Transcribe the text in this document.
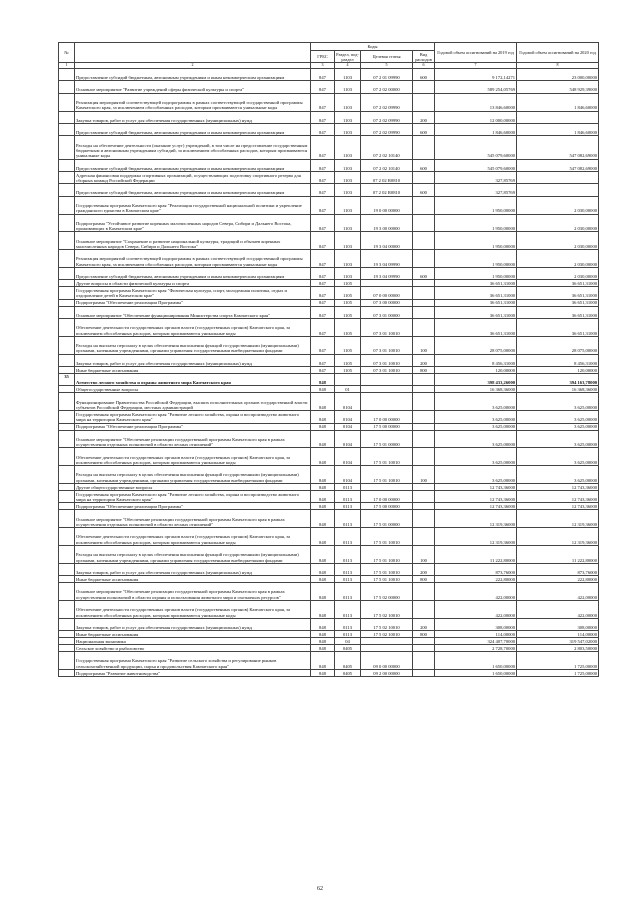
№		Коды				Годовой объем ассигнований на 2019 год	Годовой объем ассигнований на 2020 год
		ГРБС	Раздел, под-раздел	Целевая статья	Вид расходов		
1	2	3	4	5	6	7	8
	Предоставление субсидий бюджетным, автономным учреждениям и иным некоммерческим организациям	847	1103	07 2 01 09990	600	9 172,14271	23 000,00000
	Основное мероприятие "Развитие учреждений сферы физической культуры и спорта"	847	1103	07 2 02 00000		589 254,05769	548 929,39000
	Реализация мероприятий соответствующей подпрограммы в рамках соответствующей государственной программы Камчатского края, за исключением обособленных расходов, которым присваиваются уникальные коды	847	1103	07 2 02 09990		13 846,60000	1 846,60000
	Закупка товаров, работ и услуг для обеспечения государственных (муниципальных) нужд	847	1103	07 2 02 09990	200	12 000,00000	
	Предоставление субсидий бюджетным, автономным учреждениям и иным некоммерческим организациям	847	1103	07 2 02 09990	600	1 846,60000	1 846,60000
	Расходы на обеспечение деятельности (оказание услуг) учреждений, в том числе на предоставление государственным бюджетным и автономным учреждениям субсидий, за исключением обособленных расходов, которым присваиваются уникальные коды	847	1103	07 2 02 10140		545 079,60000	547 082,69000
	Предоставление субсидий бюджетным, автономным учреждениям и иным некоммерческим организациям	847	1103	07 2 02 10140	600	545 079,60000	547 082,69000
	Адресная финансовая поддержка спортивных организаций, осуществляющих подготовку спортивного резерва для сборных команд Российской Федерации	847	1103	07 2 02 R0810		327,85769	
	Предоставление субсидий бюджетным, автономным учреждениям и иным некоммерческим организациям	847	1103	07 2 02 R0810	600	327,85769	
	Государственная программа Камчатского края "Реализация государственной национальной политики и укрепление гражданского единства в Камчатском крае"	847	1103	19 0 00 00000		1 950,00000	2 030,00000
	Подпрограмма "Устойчивое развитие коренных малочисленных народов Севера, Сибири и Дальнего Востока, проживающих в Камчатском крае"	847	1103	19 3 00 00000		1 950,00000	2 030,00000
	Основное мероприятие "Сохранение и развитие национальной культуры, традиций и обычаев коренных малочисленных народов Севера, Сибири и Дальнего Востока"	847	1103	19 3 04 00000		1 950,00000	2 030,00000
	Реализация мероприятий соответствующей подпрограммы в рамках соответствующей государственной программы Камчатского края, за исключением обособленных расходов, которым присваиваются уникальные коды	847	1103	19 3 04 09990		1 950,00000	2 030,00000
	Предоставление субсидий бюджетным, автономным учреждениям и иным некоммерческим организациям	847	1103	19 3 04 09990	600	1 950,00000	2 030,00000
	Другие вопросы в области физической культуры и спорта	847	1105			36 651,31000	36 651,31000
	Государственная программа Камчатского края "Физическая культура, спорт, молодежная политика, отдых и оздоровление детей в Камчатском крае"	847	1105	07 0 00 00000		36 651,31000	36 651,31000
	Подпрограмма "Обеспечение реализации Программы"	847	1105	07 3 00 00000		36 651,31000	36 651,31000
	Основное мероприятие "Обеспечение функционирования Министерства спорта Камчатского края"	847	1105	07 3 01 00000		36 651,31000	36 651,31000
	Обеспечение деятельности государственных органов власти (государственных органов) Камчатского края, за исключением обособленных расходов, которым присваиваются уникальные коды	847	1105	07 3 01 10010		36 651,31000	36 651,31000
	Расходы на выплаты персоналу в целях обеспечения выполнения функций государственными (муниципальными) органами, казенными учреждениями, органами управления государственными внебюджетными фондами	847	1105	07 3 01 10010	100	28 075,00000	28 075,00000
	Закупка товаров, работ и услуг для обеспечения государственных (муниципальных) нужд	847	1105	07 3 01 10010	200	8 456,31000	8 456,31000
	Иные бюджетные ассигнования	847	1105	07 3 01 10010	800	120,00000	120,00000
35	Агентство лесного хозяйства и охраны животного мира Камчатского края	848				398 433,26000	394 163,78000
	Общегосударственные вопросы	848	01			16 368,36000	16 368,36000
	Функционирование Правительства Российской Федерации, высших исполнительных органов государственной власти субъектов Российской Федерации, местных администраций	848	0104			3 625,00000	3 625,00000
	Государственная программа Камчатского края "Развитие лесного хозяйства, охрана и воспроизводство животного мира на территории Камчатского края"	848	0104	17 0 00 00000		3 625,00000	3 625,00000
	Подпрограмма "Обеспечение реализации Программы"	848	0104	17 5 00 00000		3 625,00000	3 625,00000
	Основное мероприятие "Обеспечение реализации государственной программы Камчатского края в рамках осуществления отдельных полномочий в области лесных отношений"	848	0104	17 5 01 00000		3 625,00000	3 625,00000
	Обеспечение деятельности государственных органов власти (государственных органов) Камчатского края, за исключением обособленных расходов, которым присваиваются уникальные коды	848	0104	17 5 01 10010		3 625,00000	3 625,00000
	Расходы на выплаты персоналу в целях обеспечения выполнения функций государственными (муниципальными) органами, казенными учреждениями, органами управления государственными внебюджетными фондами	848	0104	17 5 01 10010	100	3 625,00000	3 625,00000
	Другие общегосударственные вопросы	848	0113			12 743,36000	12 743,36000
	Государственная программа Камчатского края "Развитие лесного хозяйства, охрана и воспроизводство животного мира на территории Камчатского края"	848	0113	17 0 00 00000		12 743,36000	12 743,36000
	Подпрограмма "Обеспечение реализации Программы"	848	0113	17 5 00 00000		12 743,36000	12 743,36000
	Основное мероприятие "Обеспечение реализации государственной программы Камчатского края в рамках осуществления отдельных полномочий в области лесных отношений"	848	0113	17 5 01 00000		12 319,36000	12 319,36000
	Обеспечение деятельности государственных органов власти (государственных органов) Камчатского края, за исключением обособленных расходов, которым присваиваются уникальные коды	848	0113	17 5 01 10010		12 319,36000	12 319,36000
	Расходы на выплаты персоналу в целях обеспечения выполнения функций государственными (муниципальными) органами, казенными учреждениями, органами управления государственными внебюджетными фондами	848	0113	17 5 01 10010	100	11 222,80000	11 222,80000
	Закупка товаров, работ и услуг для обеспечения государственных (муниципальных) нужд	848	0113	17 5 01 10010	200	873,76000	873,76000
	Иные бюджетные ассигнования	848	0113	17 5 01 10010	800	222,80000	222,80000
	Основное мероприятие "Обеспечение реализации государственной программы Камчатского края в рамках осуществления полномочий в области охраны и использования животного мира и охотничьих ресурсов"	848	0113	17 5 02 00000		422,00000	422,00000
	Обеспечение деятельности государственных органов власти (государственных органов) Камчатского края, за исключением обособленных расходов, которым присваиваются уникальные коды	848	0113	17 5 02 10010		422,00000	422,00000
	Закупка товаров, работ и услуг для обеспечения государственных (муниципальных) нужд	848	0113	17 5 02 10010	200	308,00000	308,00000
	Иные бюджетные ассигнования	848	0113	17 5 02 10010	800	114,00000	114,00000
	Национальная экономика	848	04			324 407,70000	319 547,02000
	Сельское хозяйство и рыболовство	848	0405			2 728,70000	2 803,50000
	Государственная программа Камчатского края "Развитие сельского хозяйства и регулирование рынков сельскохозяйственной продукции, сырья и продовольствия Камчатского края"	848	0405	09 0 00 00000		1 650,00000	1 725,00000
	Подпрограмма "Развитие животноводства"	848	0405	09 2 00 00000		1 650,00000	1 725,00000
62
